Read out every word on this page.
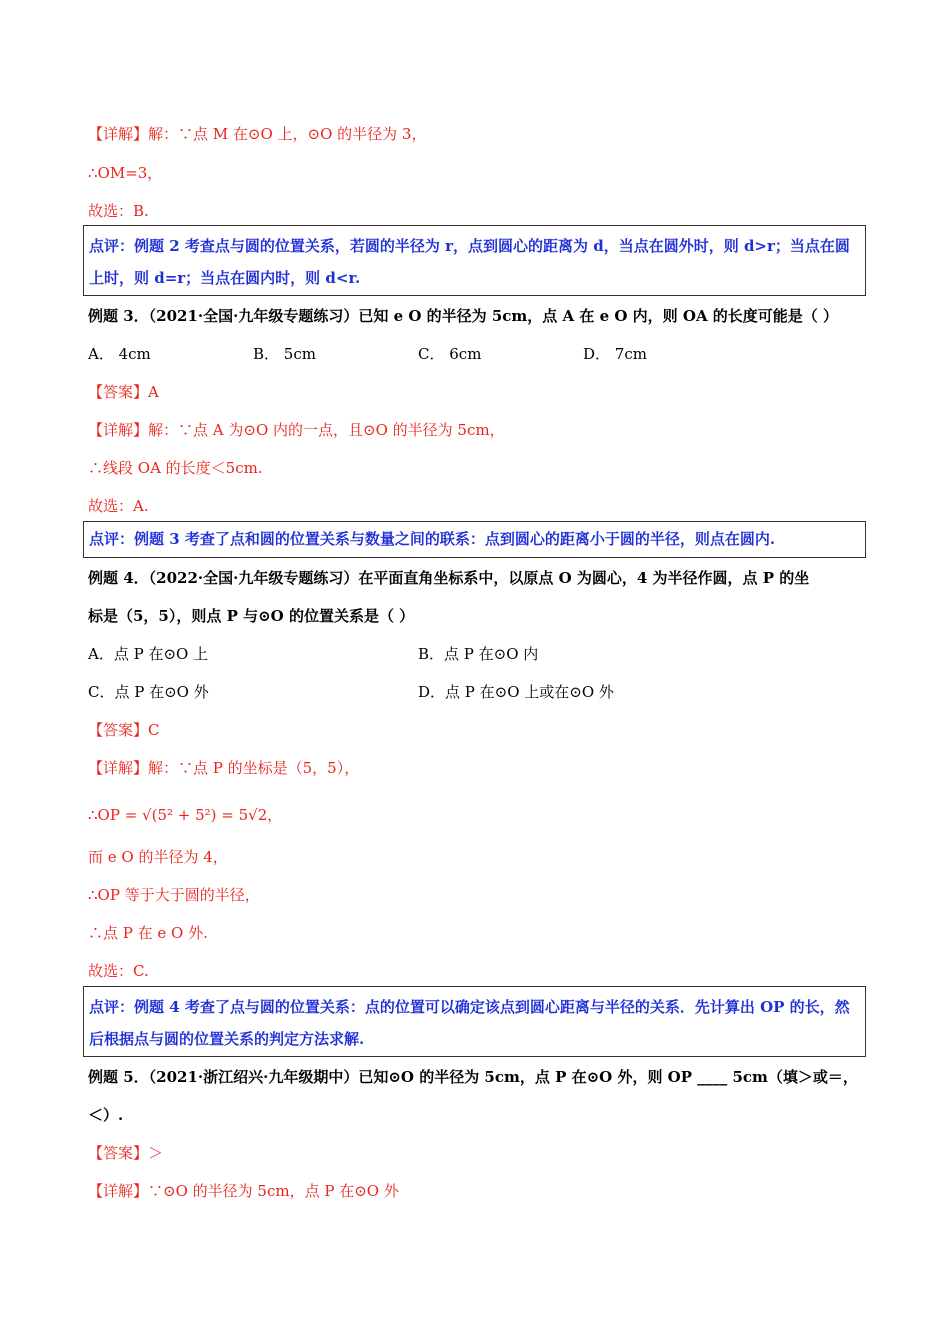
【详解】解：∵点 M 在⊙O 上，⊙O 的半径为 3，
∴OM=3，
故选：B.
点评：例题 2 考查点与圆的位置关系，若圆的半径为 r，点到圆心的距离为 d，当点在圆外时，则 d>r；当点在圆上时，则 d=r；当点在圆内时，则 d<r.
例题 3．（2021·全国·九年级专题练习）已知 e O 的半径为 5cm，点 A 在 e O 内，则 OA 的长度可能是（ ）
A． 4cm	B． 5cm	C． 6cm	D． 7cm
【答案】A
【详解】解：∵点 A 为⊙O 内的一点，且⊙O 的半径为 5cm，
∴线段 OA 的长度＜5cm.
故选：A.
点评：例题 3 考查了点和圆的位置关系与数量之间的联系：点到圆心的距离小于圆的半径，则点在圆内.
例题 4．（2022·全国·九年级专题练习）在平面直角坐标系中，以原点 O 为圆心，4 为半径作圆，点 P 的坐
标是（5，5），则点 P 与⊙O 的位置关系是（ ）
A．点 P 在⊙O 上	B．点 P 在⊙O 内
C．点 P 在⊙O 外	D．点 P 在⊙O 上或在⊙O 外
【答案】C
【详解】解：∵点 P 的坐标是（5，5），
∴OP = √(5² + 5²) = 5√2，
而 e O 的半径为 4，
∴OP 等于大于圆的半径，
∴点 P 在 e O 外.
故选：C.
点评：例题 4 考查了点与圆的位置关系：点的位置可以确定该点到圆心距离与半径的关系．先计算出 OP 的长，然后根据点与圆的位置关系的判定方法求解.
例题 5．（2021·浙江绍兴·九年级期中）已知⊙O 的半径为 5cm，点 P 在⊙O 外，则 OP ____ 5cm（填＞或＝，＜）.
【答案】＞
【详解】∵⊙O 的半径为 5cm，点 P 在⊙O 外
